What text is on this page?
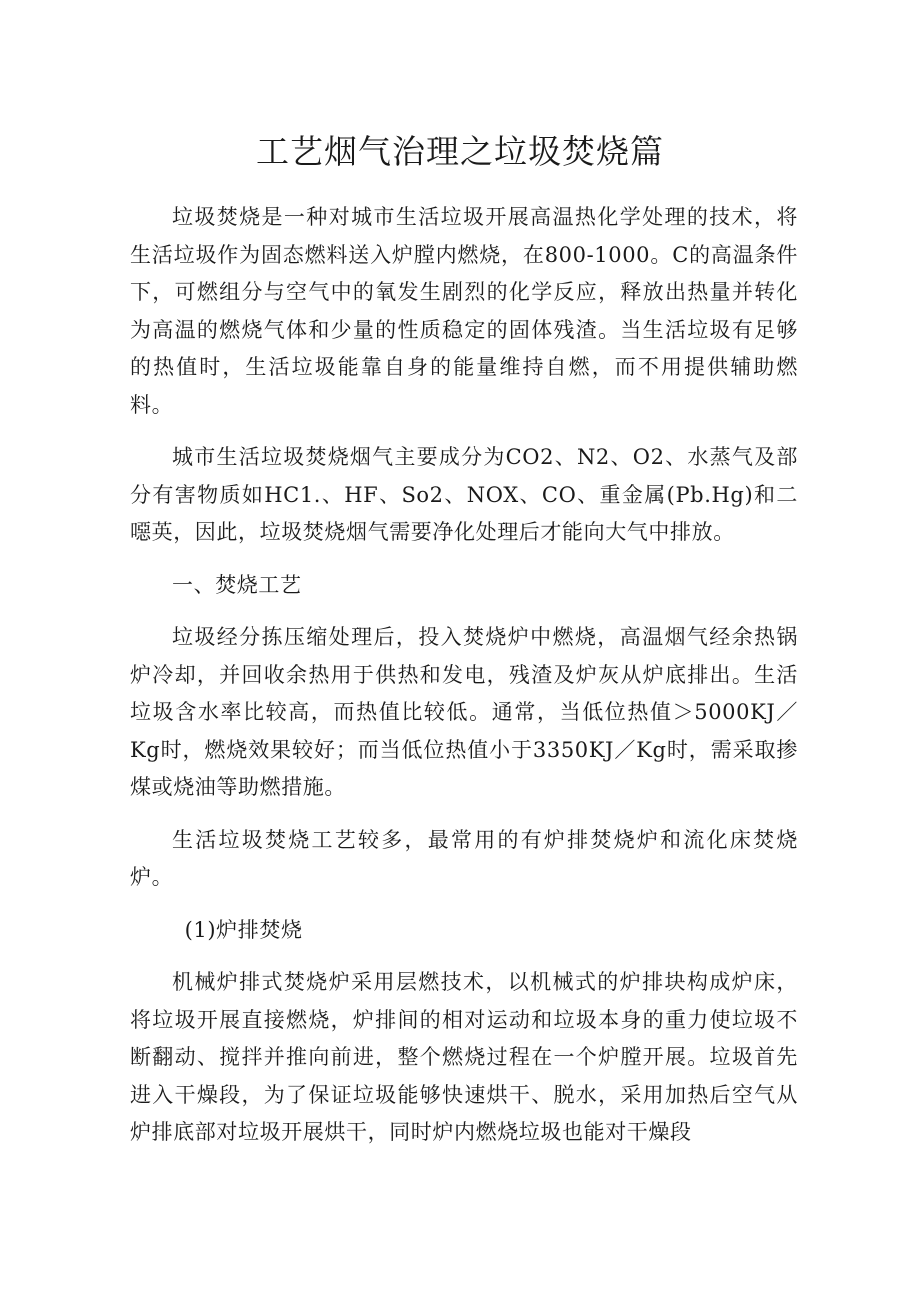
工艺烟气治理之垃圾焚烧篇

垃圾焚烧是一种对城市生活垃圾开展高温热化学处理的技术，将生活垃圾作为固态燃料送入炉膛内燃烧，在800-1000。C的高温条件下，可燃组分与空气中的氧发生剧烈的化学反应，释放出热量并转化为高温的燃烧气体和少量的性质稳定的固体残渣。当生活垃圾有足够的热值时，生活垃圾能靠自身的能量维持自燃，而不用提供辅助燃料。

城市生活垃圾焚烧烟气主要成分为CO2、N2、O2、水蒸气及部分有害物质如HC1.、HF、So2、NOX、CO、重金属(Pb.Hg)和二噁英，因此，垃圾焚烧烟气需要净化处理后才能向大气中排放。

一、焚烧工艺

垃圾经分拣压缩处理后，投入焚烧炉中燃烧，高温烟气经余热锅炉冷却，并回收余热用于供热和发电，残渣及炉灰从炉底排出。生活垃圾含水率比较高，而热值比较低。通常，当低位热值＞5000KJ／Kg时，燃烧效果较好；而当低位热值小于3350KJ／Kg时，需采取掺煤或烧油等助燃措施。

生活垃圾焚烧工艺较多，最常用的有炉排焚烧炉和流化床焚烧炉。

(1)炉排焚烧

机械炉排式焚烧炉采用层燃技术，以机械式的炉排块构成炉床，将垃圾开展直接燃烧，炉排间的相对运动和垃圾本身的重力使垃圾不断翻动、搅拌并推向前进，整个燃烧过程在一个炉膛开展。垃圾首先进入干燥段，为了保证垃圾能够快速烘干、脱水，采用加热后空气从炉排底部对垃圾开展烘干，同时炉内燃烧垃圾也能对干燥段
